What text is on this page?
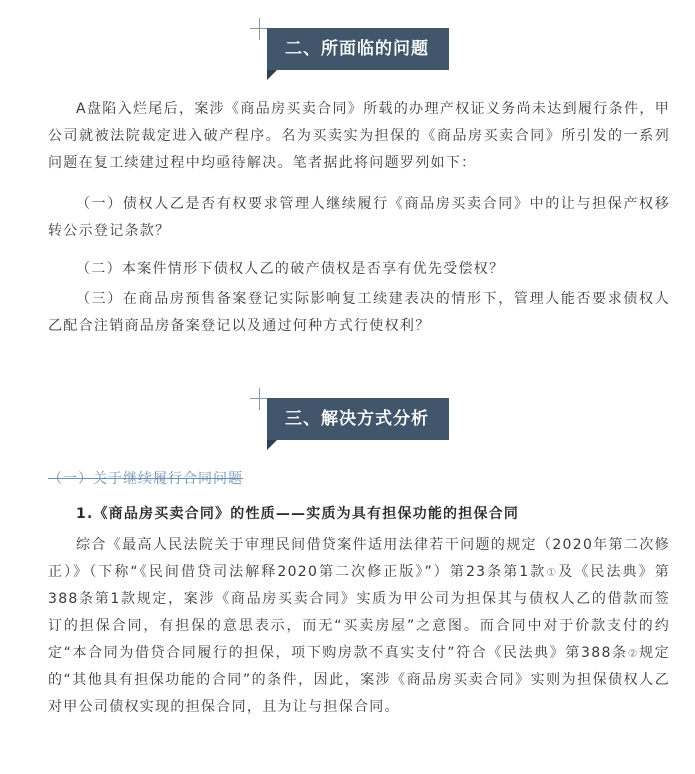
二、所面临的问题

A盘陷入烂尾后，案涉《商品房买卖合同》所载的办理产权证义务尚未达到履行条件，甲公司就被法院裁定进入破产程序。名为买卖实为担保的《商品房买卖合同》所引发的一系列问题在复工续建过程中均亟待解决。笔者据此将问题罗列如下：

（一）债权人乙是否有权要求管理人继续履行《商品房买卖合同》中的让与担保产权移转公示登记条款？

（二）本案件情形下债权人乙的破产债权是否享有优先受偿权？

（三）在商品房预售备案登记实际影响复工续建表决的情形下，管理人能否要求债权人乙配合注销商品房备案登记以及通过何种方式行使权利？

三、解决方式分析
（一）关于继续履行合同问题
1.《商品房买卖合同》的性质——实质为具有担保功能的担保合同

综合《最高人民法院关于审理民间借贷案件适用法律若干问题的规定（2020年第二次修正）》（下称“《民间借贷司法解释2020第二次修正版》”）第23条第1款①及《民法典》第388条第1款规定，案涉《商品房买卖合同》实质为甲公司为担保其与债权人乙的借款而签订的担保合同，有担保的意思表示，而无“买卖房屋”之意图。而合同中对于价款支付的约定“本合同为借贷合同履行的担保，项下购房款不真实支付”符合《民法典》第388条②规定的“其他具有担保功能的合同”的条件，因此，案涉《商品房买卖合同》实则为担保债权人乙对甲公司债权实现的担保合同，且为让与担保合同。
